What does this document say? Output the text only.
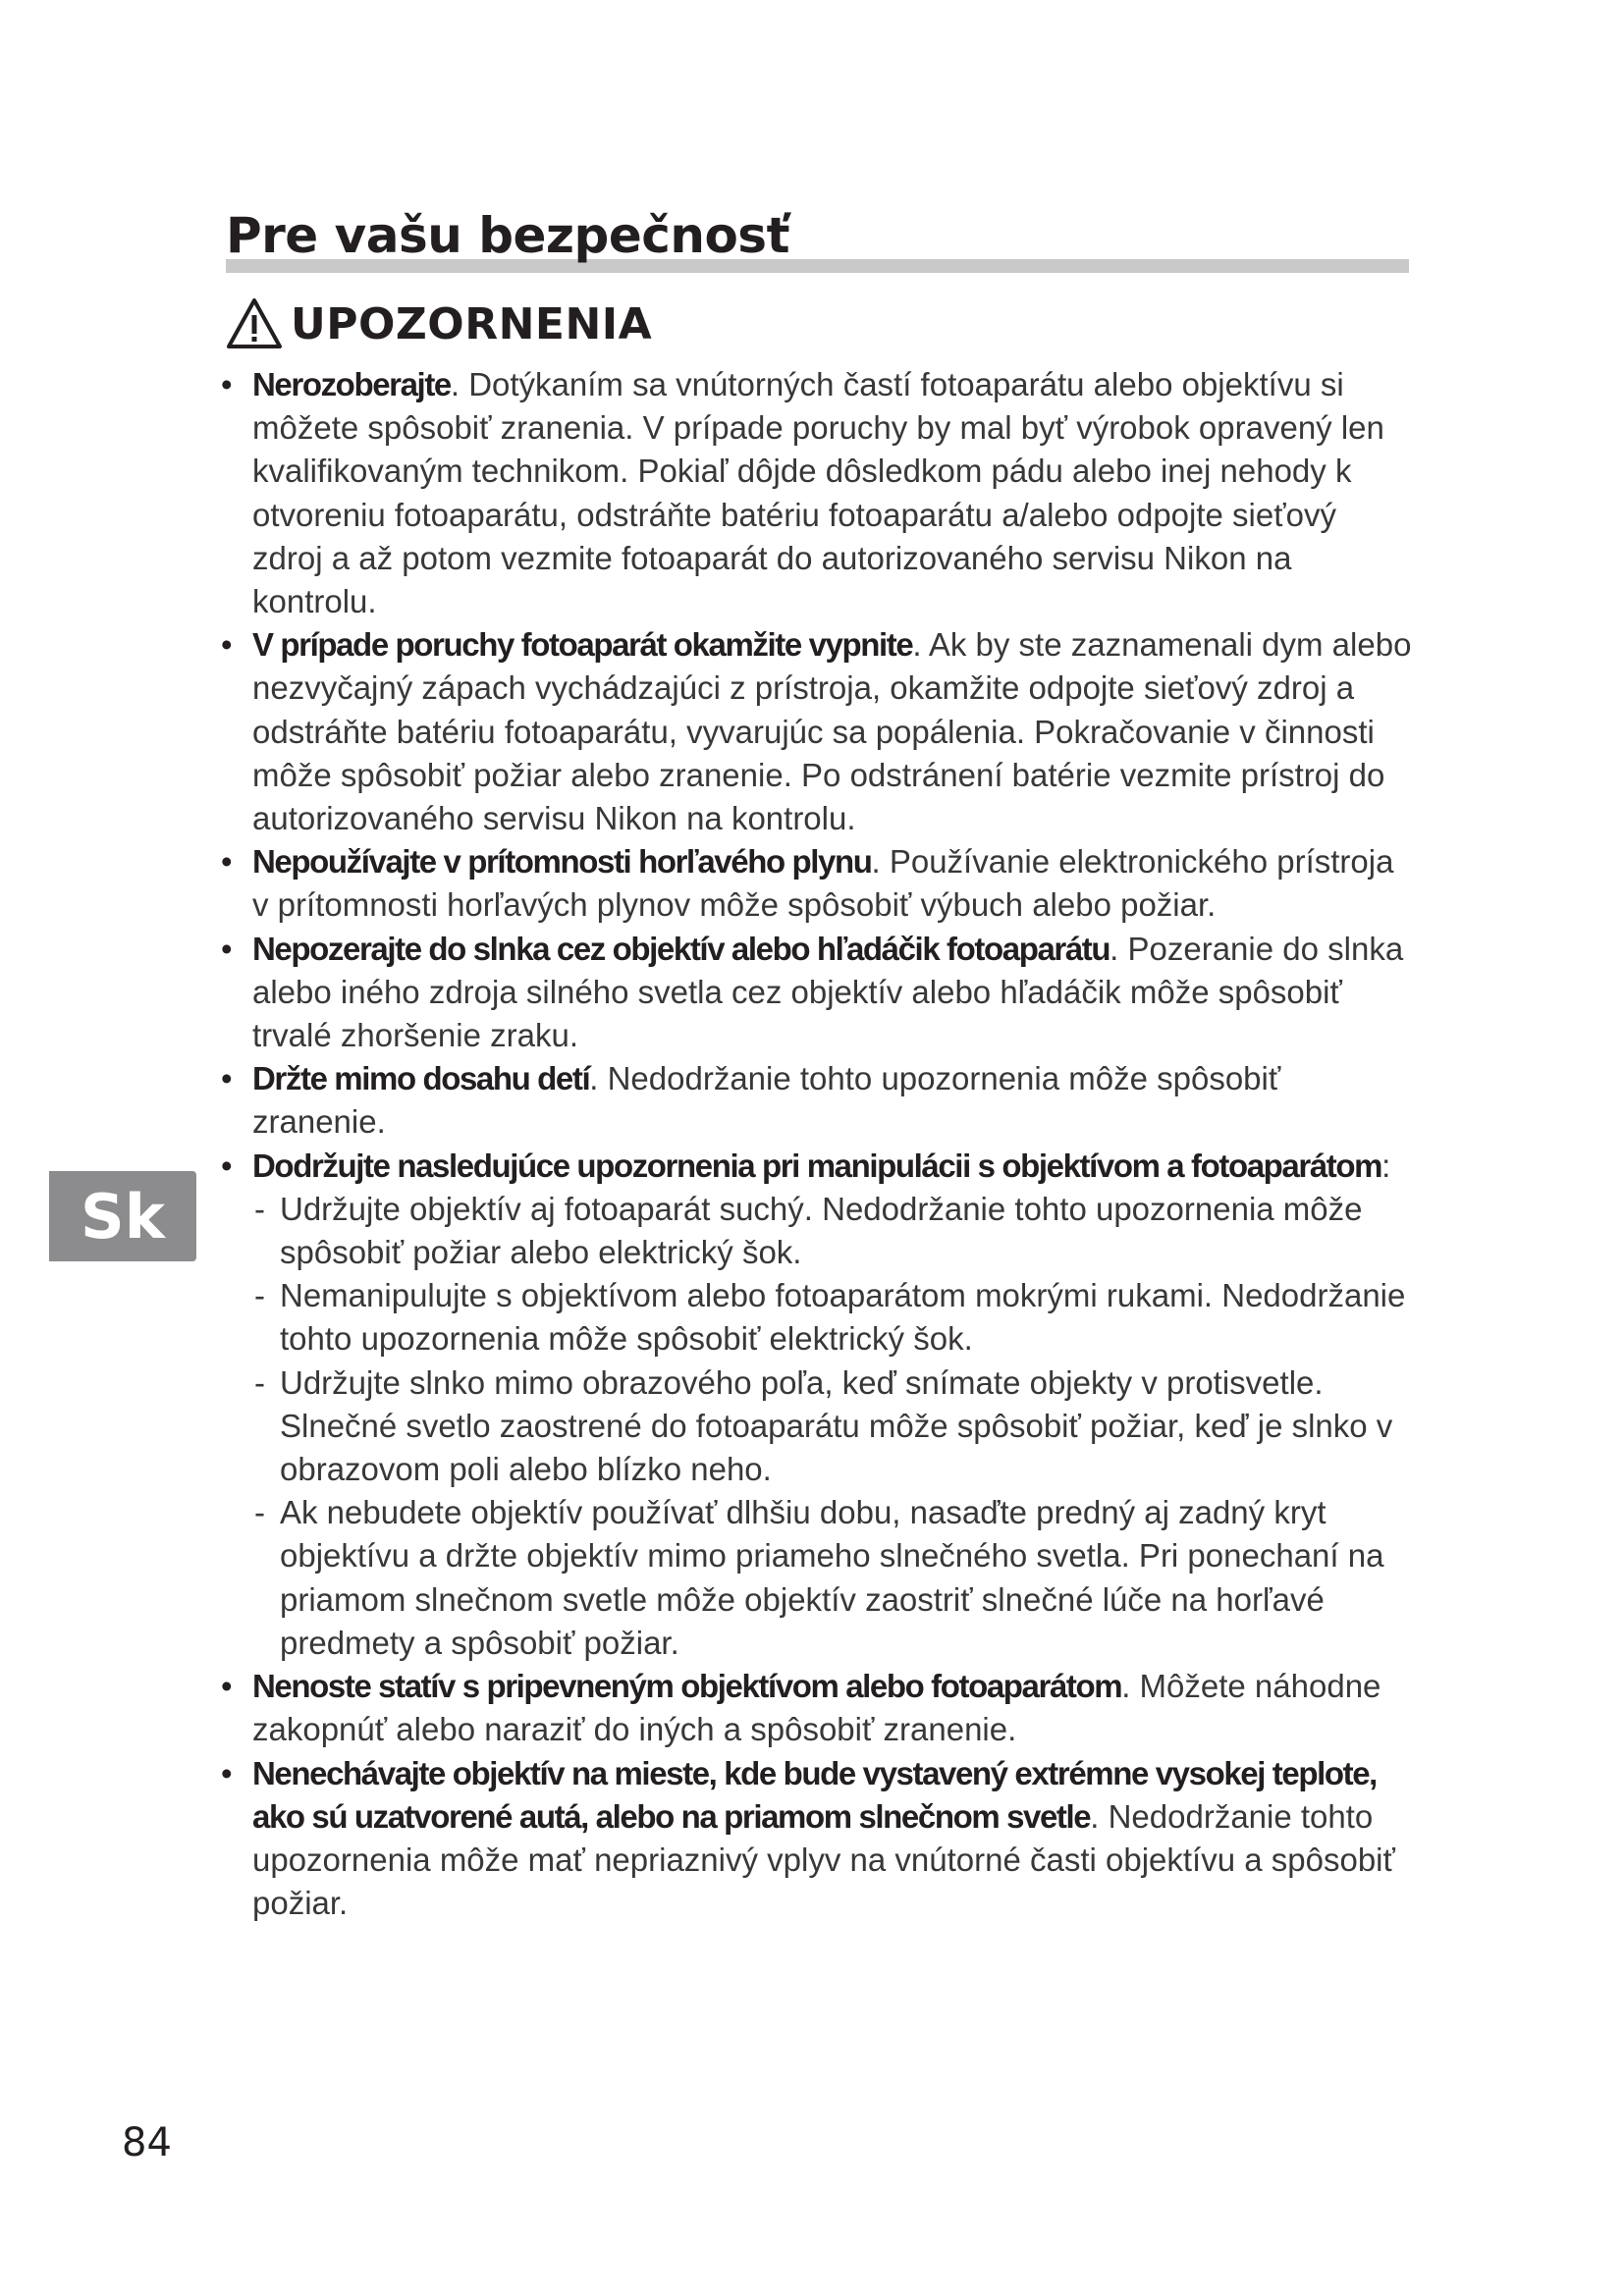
Pre vašu bezpečnosť
UPOZORNENIA
• Nerozoberajte. Dotýkaním sa vnútorných častí fotoaparátu alebo objektívu si môžete spôsobiť zranenia. V prípade poruchy by mal byť výrobok opravený len kvalifikovaným technikom. Pokiaľ dôjde dôsledkom pádu alebo inej nehody k otvoreniu fotoaparátu, odstráňte batériu fotoaparátu a/alebo odpojte sieťový zdroj a až potom vezmite fotoaparát do autorizovaného servisu Nikon na kontrolu.
• V prípade poruchy fotoaparát okamžite vypnite. Ak by ste zaznamenali dym alebo nezvyčajný zápach vychádzajúci z prístroja, okamžite odpojte sieťový zdroj a odstráňte batériu fotoaparátu, vyvarujúc sa popálenia. Pokračovanie v činnosti môže spôsobiť požiar alebo zranenie. Po odstránení batérie vezmite prístroj do autorizovaného servisu Nikon na kontrolu.
• Nepoužívajte v prítomnosti horľavého plynu. Používanie elektronického prístroja v prítomnosti horľavých plynov môže spôsobiť výbuch alebo požiar.
• Nepozerajte do slnka cez objektív alebo hľadáčik fotoaparátu. Pozeranie do slnka alebo iného zdroja silného svetla cez objektív alebo hľadáčik môže spôsobiť trvalé zhoršenie zraku.
• Držte mimo dosahu detí. Nedodržanie tohto upozornenia môže spôsobiť zranenie.
• Dodržujte nasledujúce upozornenia pri manipulácii s objektívom a fotoaparátom:
- Udržujte objektív aj fotoaparát suchý. Nedodržanie tohto upozornenia môže spôsobiť požiar alebo elektrický šok.
- Nemanipulujte s objektívom alebo fotoaparátom mokrými rukami. Nedodržanie tohto upozornenia môže spôsobiť elektrický šok.
- Udržujte slnko mimo obrazového poľa, keď snímate objekty v protisvetle. Slnečné svetlo zaostrené do fotoaparátu môže spôsobiť požiar, keď je slnko v obrazovom poli alebo blízko neho.
- Ak nebudete objektív používať dlhšiu dobu, nasaďte predný aj zadný kryt objektívu a držte objektív mimo priameho slnečného svetla. Pri ponechaní na priamom slnečnom svetle môže objektív zaostriť slnečné lúče na horľavé predmety a spôsobiť požiar.
• Nenoste statív s pripevneným objektívom alebo fotoaparátom. Môžete náhodne zakopnúť alebo naraziť do iných a spôsobiť zranenie.
• Nenechávajte objektív na mieste, kde bude vystavený extrémne vysokej teplote, ako sú uzatvorené autá, alebo na priamom slnečnom svetle. Nedodržanie tohto upozornenia môže mať nepriaznivý vplyv na vnútorné časti objektívu a spôsobiť požiar.
Sk
84
